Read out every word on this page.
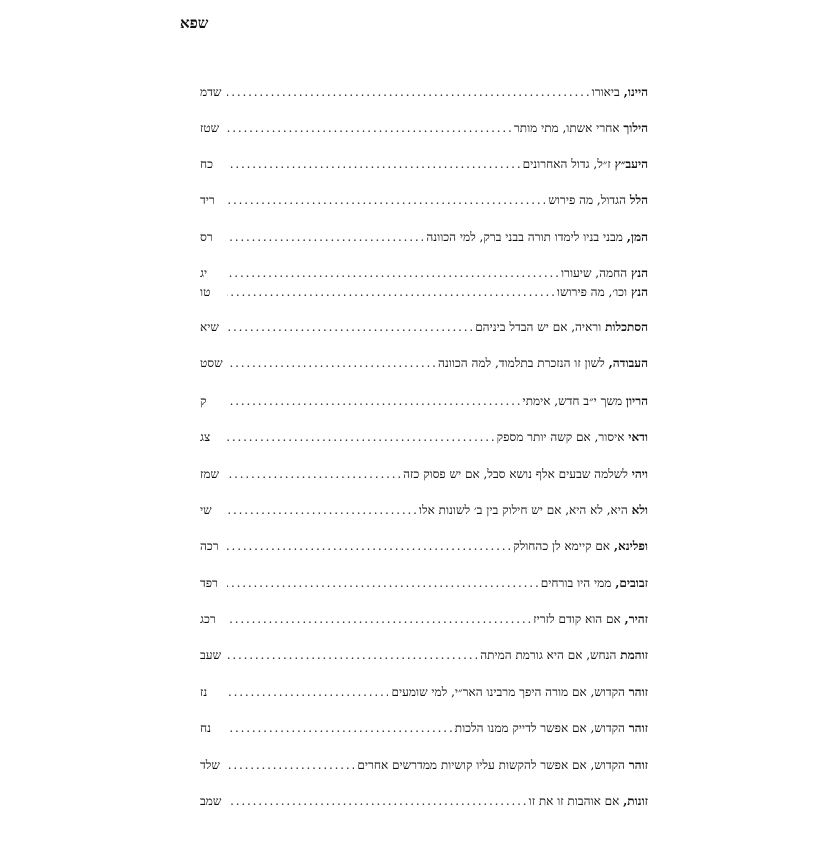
שפא
היינו,

ביאורו
. . .
שדמ
הילוך

אחרי אשתו, מתי מותר
. . .
שטז
היעב״ץ

ז״ל, גדול האחרונים
. . .
כח
הלל

הגדול, מה פירוש
. . .
ריד
המן,

מבני בניו לימדו תורה בבני ברק, למי הכוונה
. . .
רס
הנץ

החמה, שיעורו
. . .
יג
הנץ

וכו׳, מה פירושו
. . .
טו
הסתכלות

וראיה, אם יש הבדל ביניהם
. . .
שיא
העבודה,

לשון זו הנזכרת בתלמוד, למה הכוונה
. . .
שסט
הריון

משך י״ב חדש, אימתי
. . .
ק
ודאי

איסור, אם קשה יותר מספק
. . .
צג
ויהי

לשלמה שבעים אלף נושא סבל, אם יש פסוק כזה
. . .
שמז
ולא

היא, לא היא, אם יש חילוק בין ב׳ לשונות אלו
. . .
שי
ופלינא,

אם קיימא לן כהחולק
. . .
רכה
זבובים,

ממי היו בורחים
. . .
רפד
זהיר,

אם הוא קודם לזריז
. . .
רכג
זוהמת

הנחש, אם היא גורמת המיתה
. . .
שעב
זוהר

הקדוש, אם מורה היפך מרבינו האר״י, למי שומעים
. . .
נז
זוהר

הקדוש, אם אפשר לדייק ממנו הלכות
. . .
נח
זוהר

הקדוש, אם אפשר להקשות עליו קושיות ממדרשים אחרים
. . .
שלד
זונות,

אם אוהבות זו את זו
. . .
שמב
